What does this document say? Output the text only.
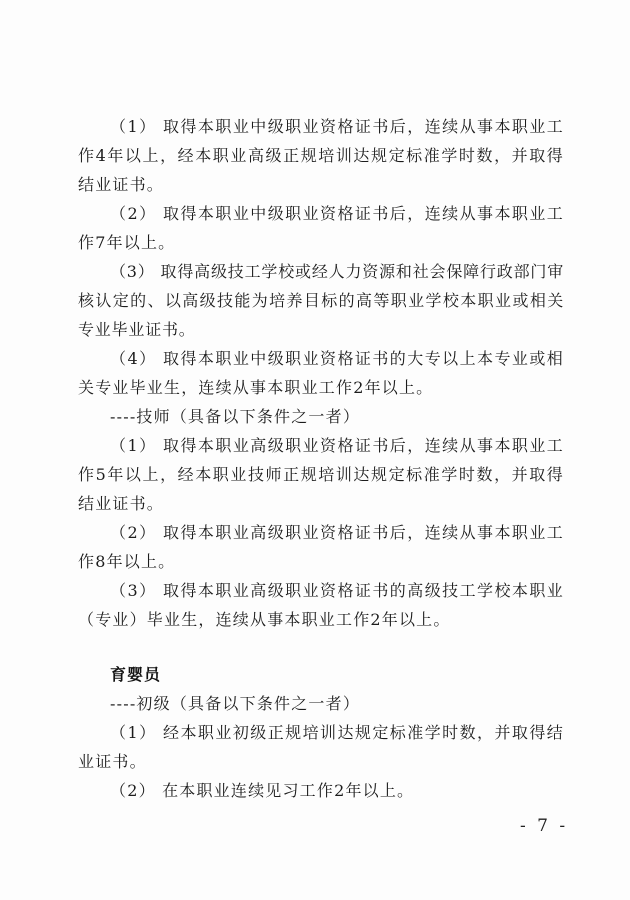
（1） 取得本职业中级职业资格证书后，连续从事本职业工作4年以上，经本职业高级正规培训达规定标准学时数，并取得结业证书。

（2） 取得本职业中级职业资格证书后，连续从事本职业工作7年以上。

（3） 取得高级技工学校或经人力资源和社会保障行政部门审核认定的、以高级技能为培养目标的高等职业学校本职业或相关专业毕业证书。

（4） 取得本职业中级职业资格证书的大专以上本专业或相关专业毕业生，连续从事本职业工作2年以上。

----技师（具备以下条件之一者）

（1） 取得本职业高级职业资格证书后，连续从事本职业工作5年以上，经本职业技师正规培训达规定标准学时数，并取得结业证书。

（2） 取得本职业高级职业资格证书后，连续从事本职业工作8年以上。

（3） 取得本职业高级职业资格证书的高级技工学校本职业（专业）毕业生，连续从事本职业工作2年以上。

育婴员

----初级（具备以下条件之一者）

（1） 经本职业初级正规培训达规定标准学时数，并取得结业证书。

（2） 在本职业连续见习工作2年以上。

- 7 -
